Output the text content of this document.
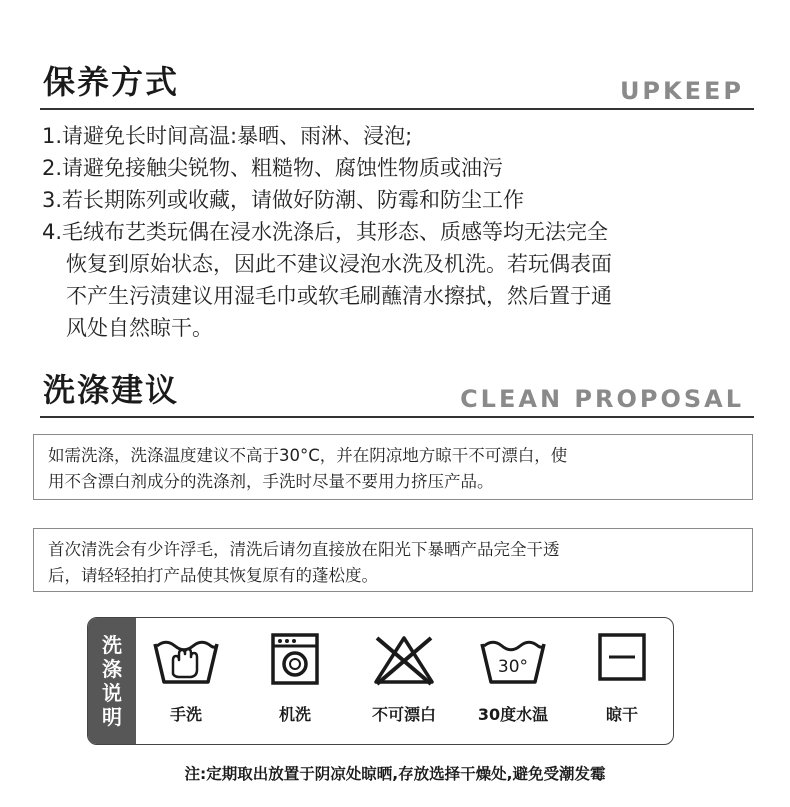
保养方式	UPKEEP
1.请避免长时间高温:暴晒、雨淋、浸泡;
2.请避免接触尖锐物、粗糙物、腐蚀性物质或油污
3.若长期陈列或收藏，请做好防潮、防霉和防尘工作
4.毛绒布艺类玩偶在浸水洗涤后，其形态、质感等均无法完全
恢复到原始状态，因此不建议浸泡水洗及机洗。若玩偶表面
不产生污渍建议用湿毛巾或软毛刷蘸清水擦拭，然后置于通
风处自然晾干。
洗涤建议	CLEAN PROPOSAL

如需洗涤，洗涤温度建议不高于30°C，并在阴凉地方晾干不可漂白，使

用不含漂白剂成分的洗涤剂，手洗时尽量不要用力挤压产品。

首次清洗会有少许浮毛，清洗后请勿直接放在阳光下暴晒产品完全干透

后，请轻轻拍打产品使其恢复原有的蓬松度。

洗
涤
说
明	手洗	机洗	不可漂白
30°
30度水温	晾干
注:定期取出放置于阴凉处晾晒,存放选择干燥处,避免受潮发霉
